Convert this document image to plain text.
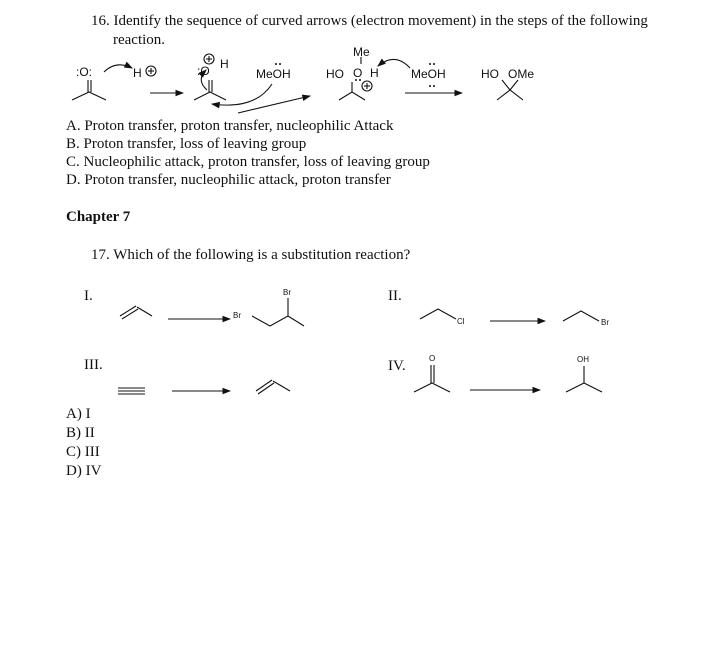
16. Identify the sequence of curved arrows (electron movement) in the steps of the following
reaction.
:O:	H	:O H
MeOH
Me
HO O H	MeOH	HO OMe
A. Proton transfer, proton transfer, nucleophilic Attack
B. Proton transfer, loss of leaving group
C. Nucleophilic attack, proton transfer, loss of leaving group
D. Proton transfer, nucleophilic attack, proton transfer
Chapter 7
17. Which of the following is a substitution reaction?
I.	II.
III.	IV.
Br
Br
Cl	Br
O	OH
A) I
B) II
C) III
D) IV
